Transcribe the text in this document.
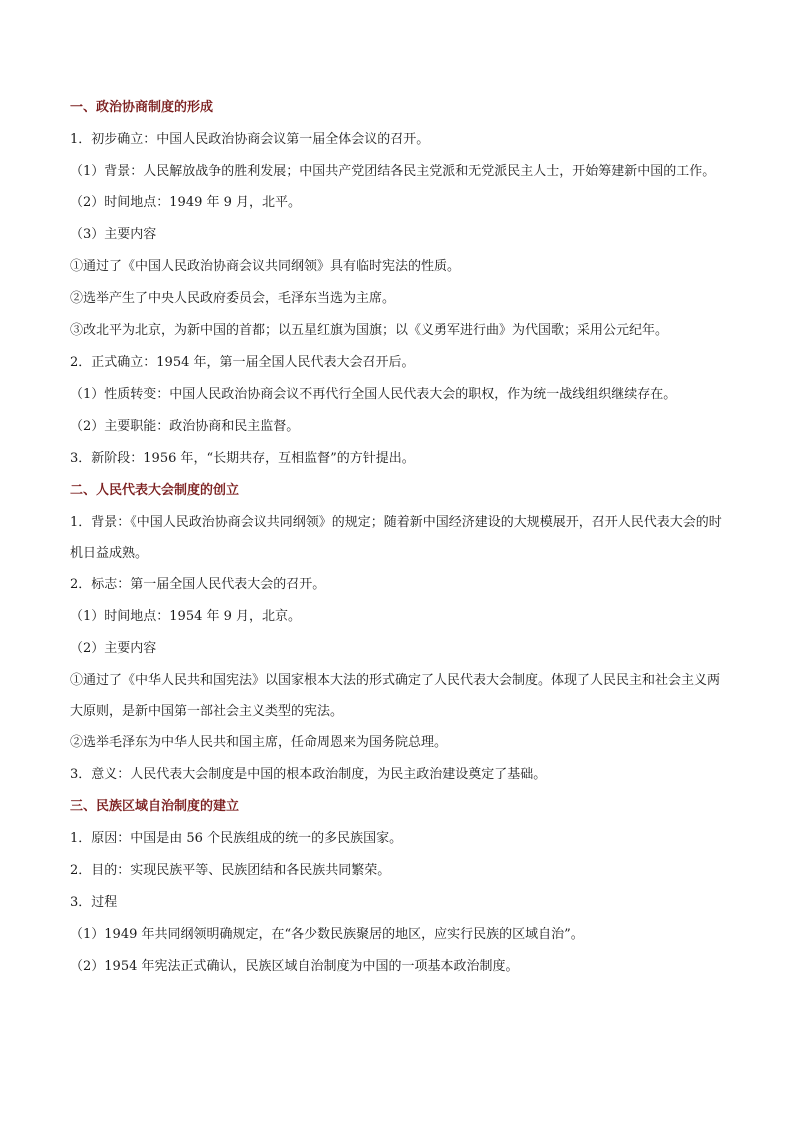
一、政治协商制度的形成
1．初步确立：中国人民政治协商会议第一届全体会议的召开。
（1）背景：人民解放战争的胜利发展；中国共产党团结各民主党派和无党派民主人士，开始筹建新中国的工作。
（2）时间地点：1949 年 9 月，北平。
（3）主要内容
①通过了《中国人民政治协商会议共同纲领》具有临时宪法的性质。
②选举产生了中央人民政府委员会，毛泽东当选为主席。
③改北平为北京，为新中国的首都；以五星红旗为国旗；以《义勇军进行曲》为代国歌；采用公元纪年。
2．正式确立：1954 年，第一届全国人民代表大会召开后。
（1）性质转变：中国人民政治协商会议不再代行全国人民代表大会的职权，作为统一战线组织继续存在。
（2）主要职能：政治协商和民主监督。
3．新阶段：1956 年，“长期共存，互相监督”的方针提出。
二、人民代表大会制度的创立
1．背景：《中国人民政治协商会议共同纲领》的规定；随着新中国经济建设的大规模展开，召开人民代表大会的时机日益成熟。
2．标志：第一届全国人民代表大会的召开。
（1）时间地点：1954 年 9 月，北京。
（2）主要内容
①通过了《中华人民共和国宪法》以国家根本大法的形式确定了人民代表大会制度。体现了人民民主和社会主义两大原则，是新中国第一部社会主义类型的宪法。
②选举毛泽东为中华人民共和国主席，任命周恩来为国务院总理。
3．意义：人民代表大会制度是中国的根本政治制度，为民主政治建设奠定了基础。
三、民族区域自治制度的建立
1．原因：中国是由 56 个民族组成的统一的多民族国家。
2．目的：实现民族平等、民族团结和各民族共同繁荣。
3．过程
（1）1949 年共同纲领明确规定，在“各少数民族聚居的地区，应实行民族的区域自治”。
（2）1954 年宪法正式确认，民族区域自治制度为中国的一项基本政治制度。
